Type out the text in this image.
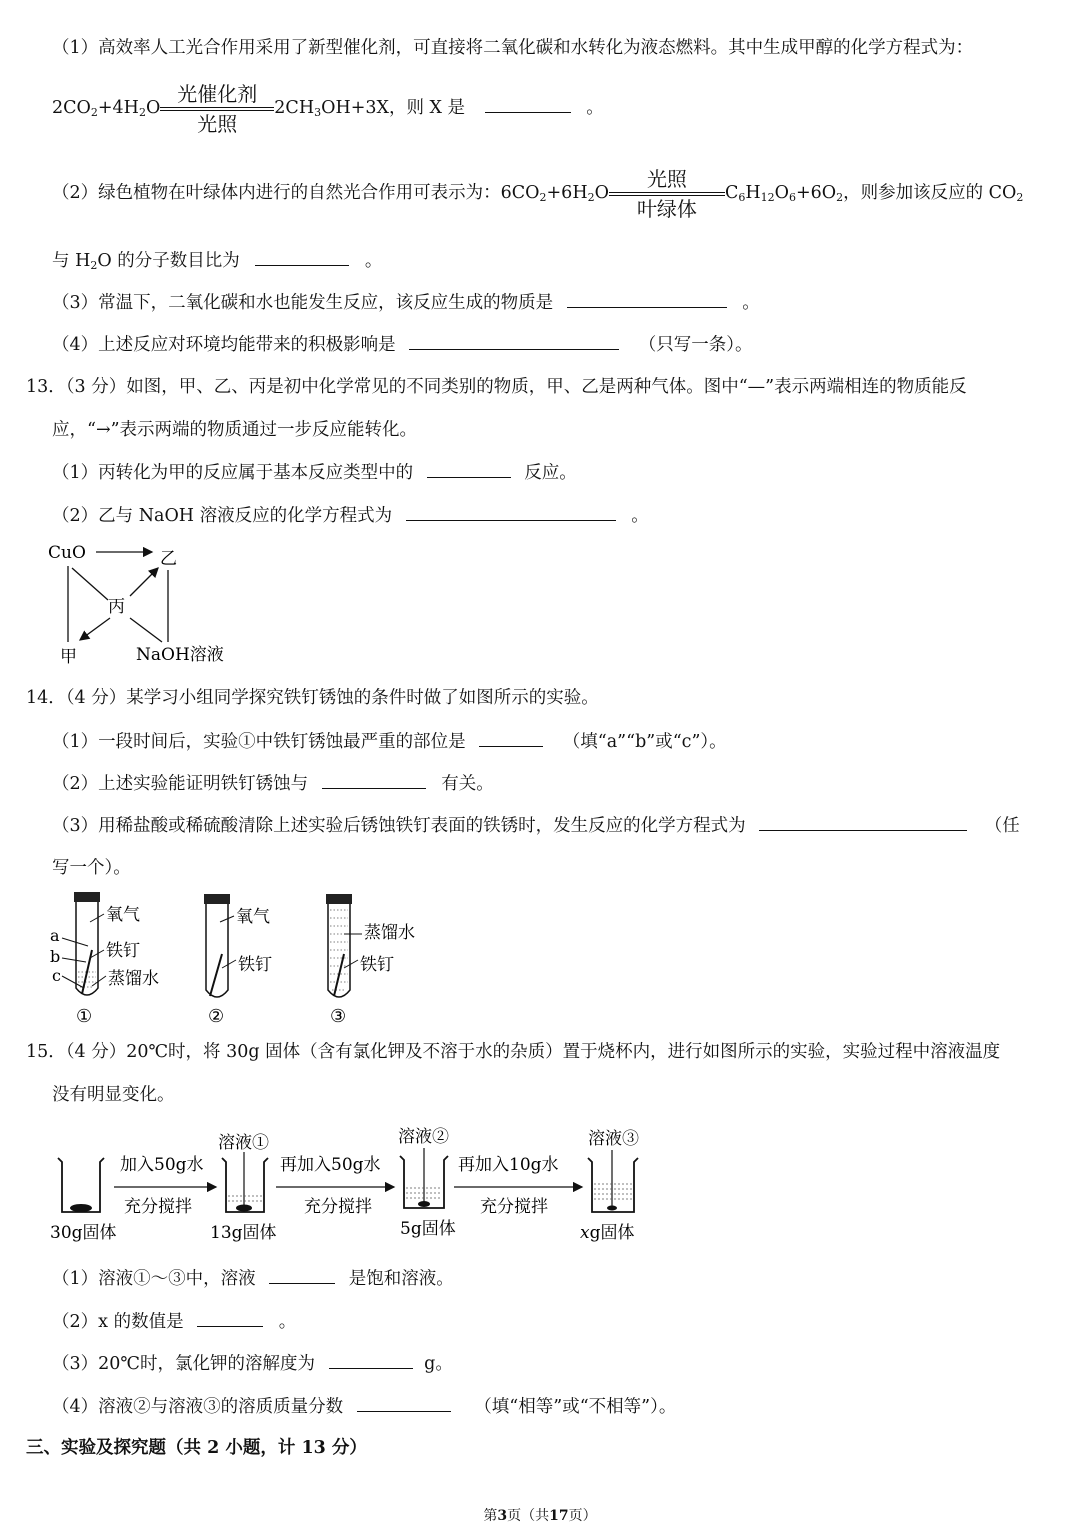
（1）高效率人工光合作用采用了新型催化剂，可直接将二氧化碳和水转化为液态燃料。其中生成甲醇的化学方程式为：
$2CO_2+4H_2O$
光催化剂
光照
$2CH_3OH+3X$，则 X 是	。
（2）绿色植物在叶绿体内进行的自然光合作用可表示为：$6CO_2+6H_2O$
光照
叶绿体
$C_6H_{12}O_6+6O_2$，则参加该反应的 $CO_2$
与 $H_2O$ 的分子数目比为	。
（3）常温下，二氧化碳和水也能发生反应，该反应生成的物质是	。
（4）上述反应对环境均能带来的积极影响是	（只写一条）。
13．（3 分）如图，甲、乙、丙是初中化学常见的不同类别的物质，甲、乙是两种气体。图中“—”表示两端相连的物质能反
应，“→”表示两端的物质通过一步反应能转化。
（1）丙转化为甲的反应属于基本反应类型中的	反应。
（2）乙与 NaOH 溶液反应的化学方程式为	。
CuO	乙
丙
甲	NaOH溶液
14．（4 分）某学习小组同学探究铁钉锈蚀的条件时做了如图所示的实验。
（1）一段时间后，实验①中铁钉锈蚀最严重的部位是	（填“a”“b”或“c”）。
（2）上述实验能证明铁钉锈蚀与	有关。
（3）用稀盐酸或稀硫酸清除上述实验后锈蚀铁钉表面的铁锈时，发生反应的化学方程式为	（任
写一个）。
氧气
铁钉
蒸馏水
a
b
c
①
氧气
铁钉
②
蒸馏水
铁钉
③
15．（4 分）20℃时，将 30g 固体（含有氯化钾及不溶于水的杂质）置于烧杯内，进行如图所示的实验，实验过程中溶液温度
没有明显变化。
30g固体
加入50g水
充分搅拌
溶液①
13g固体
再加入50g水
充分搅拌
溶液②
5g固体
再加入10g水
充分搅拌
溶液③
xg固体
（1）溶液①～③中，溶液	是饱和溶液。
（2）x 的数值是	。
（3）20℃时，氯化钾的溶解度为	g。
（4）溶液②与溶液③的溶质质量分数	（填“相等”或“不相等”）。
三、实验及探究题（共 2 小题，计 13 分）
第3页（共17页）
